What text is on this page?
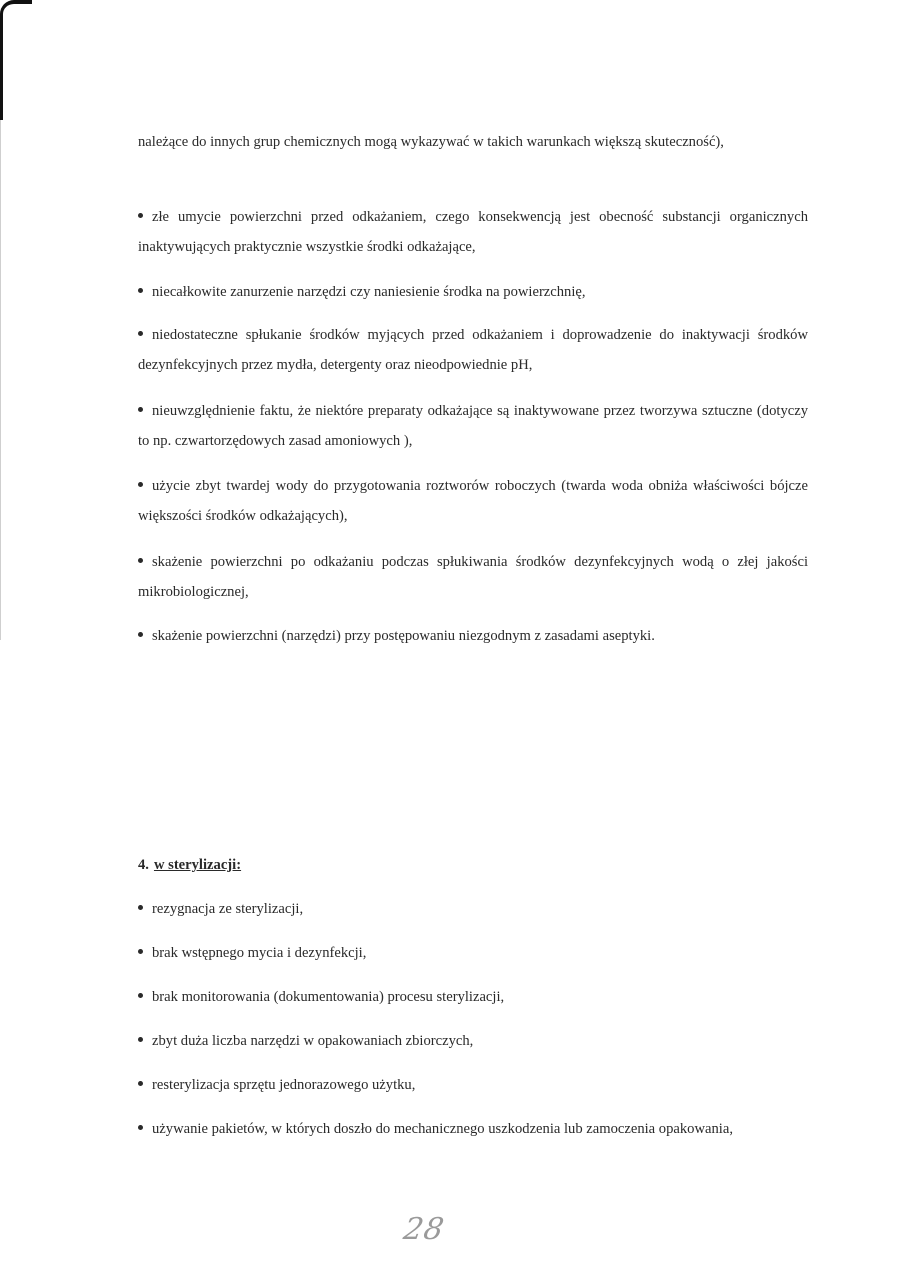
należące do innych grup chemicznych mogą wykazywać w takich warunkach większą skuteczność),

złe umycie powierzchni przed odkażaniem, czego konsekwencją jest obecność substancji organicznych inaktywujących praktycznie wszystkie środki odkażające,

niecałkowite zanurzenie narzędzi czy naniesienie środka na powierzchnię,

niedostateczne spłukanie środków myjących przed odkażaniem i doprowadzenie do inaktywacji środków dezynfekcyjnych przez mydła, detergenty oraz nieodpowiednie pH,

nieuwzględnienie faktu, że niektóre preparaty odkażające są inaktywowane przez tworzywa sztuczne (dotyczy to np. czwartorzędowych zasad amoniowych ),

użycie zbyt twardej wody do przygotowania roztworów roboczych (twarda woda obniża właściwości bójcze większości środków odkażających),

skażenie powierzchni po odkażaniu podczas spłukiwania środków dezynfekcyjnych wodą o złej jakości mikrobiologicznej,

skażenie powierzchni (narzędzi) przy postępowaniu niezgodnym z zasadami aseptyki.

4. w sterylizacji:

rezygnacja ze sterylizacji,

brak wstępnego mycia i dezynfekcji,

brak monitorowania (dokumentowania) procesu sterylizacji,

zbyt duża liczba narzędzi w opakowaniach zbiorczych,

resterylizacja sprzętu jednorazowego użytku,

używanie pakietów, w których doszło do mechanicznego uszkodzenia lub zamoczenia opakowania,

28
